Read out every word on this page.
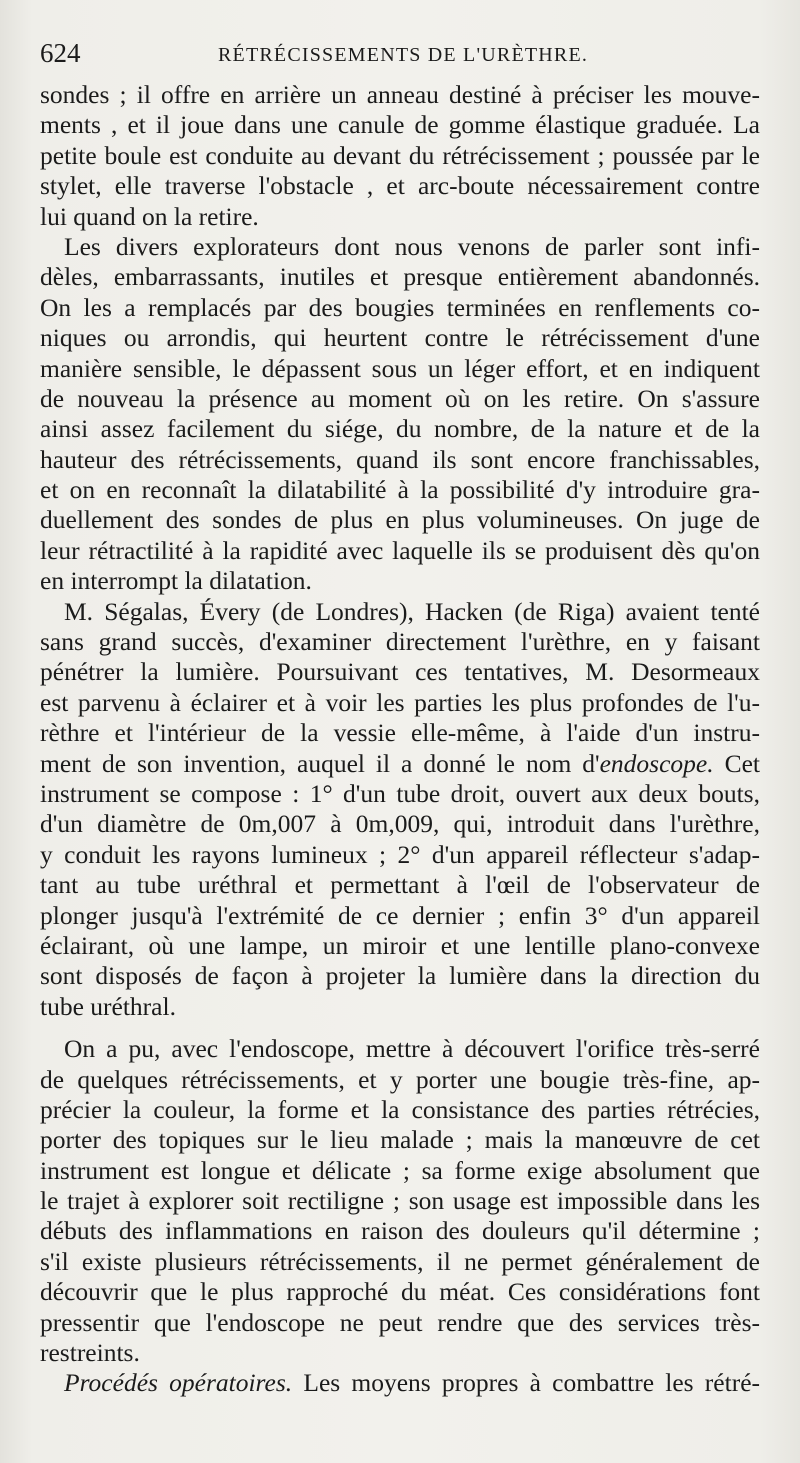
624	RÉTRÉCISSEMENTS DE L'URÈTHRE.
sondes ; il offre en arrière un anneau destiné à préciser les mouve-
ments , et il joue dans une canule de gomme élastique graduée. La
petite boule est conduite au devant du rétrécissement ; poussée par le
stylet, elle traverse l'obstacle , et arc-boute nécessairement contre
lui quand on la retire.
Les divers explorateurs dont nous venons de parler sont infi-
dèles, embarrassants, inutiles et presque entièrement abandonnés.
On les a remplacés par des bougies terminées en renflements co-
niques ou arrondis, qui heurtent contre le rétrécissement d'une
manière sensible, le dépassent sous un léger effort, et en indiquent
de nouveau la présence au moment où on les retire. On s'assure
ainsi assez facilement du siége, du nombre, de la nature et de la
hauteur des rétrécissements, quand ils sont encore franchissables,
et on en reconnaît la dilatabilité à la possibilité d'y introduire gra-
duellement des sondes de plus en plus volumineuses. On juge de
leur rétractilité à la rapidité avec laquelle ils se produisent dès qu'on
en interrompt la dilatation.
M. Ségalas, Évery (de Londres), Hacken (de Riga) avaient tenté
sans grand succès, d'examiner directement l'urèthre, en y faisant
pénétrer la lumière. Poursuivant ces tentatives, M. Desormeaux
est parvenu à éclairer et à voir les parties les plus profondes de l'u-
rèthre et l'intérieur de la vessie elle-même, à l'aide d'un instru-
ment de son invention, auquel il a donné le nom d'endoscope. Cet
instrument se compose : 1° d'un tube droit, ouvert aux deux bouts,
d'un diamètre de 0m,007 à 0m,009, qui, introduit dans l'urèthre,
y conduit les rayons lumineux ; 2° d'un appareil réflecteur s'adap-
tant au tube uréthral et permettant à l'œil de l'observateur de
plonger jusqu'à l'extrémité de ce dernier ; enfin 3° d'un appareil
éclairant, où une lampe, un miroir et une lentille plano-convexe
sont disposés de façon à projeter la lumière dans la direction du
tube uréthral.
On a pu, avec l'endoscope, mettre à découvert l'orifice très-serré
de quelques rétrécissements, et y porter une bougie très-fine, ap-
précier la couleur, la forme et la consistance des parties rétrécies,
porter des topiques sur le lieu malade ; mais la manœuvre de cet
instrument est longue et délicate ; sa forme exige absolument que
le trajet à explorer soit rectiligne ; son usage est impossible dans les
débuts des inflammations en raison des douleurs qu'il détermine ;
s'il existe plusieurs rétrécissements, il ne permet généralement de
découvrir que le plus rapproché du méat. Ces considérations font
pressentir que l'endoscope ne peut rendre que des services très-
restreints.
Procédés opératoires. Les moyens propres à combattre les rétré-
